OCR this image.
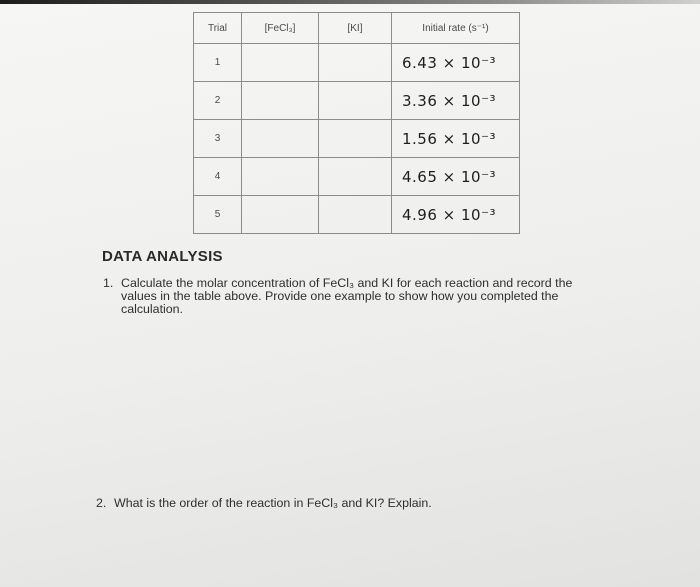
Trial	[FeCl₃]	[KI]	Initial rate (s⁻¹)
1			6.43 × 10⁻³
2			3.36 × 10⁻³
3			1.56 × 10⁻³
4			4.65 × 10⁻³
5			4.96 × 10⁻³
DATA ANALYSIS
1. Calculate the molar concentration of FeCl₃ and KI for each reaction and record the values in the table above. Provide one example to show how you completed the calculation.
2. What is the order of the reaction in FeCl₃ and KI? Explain.
